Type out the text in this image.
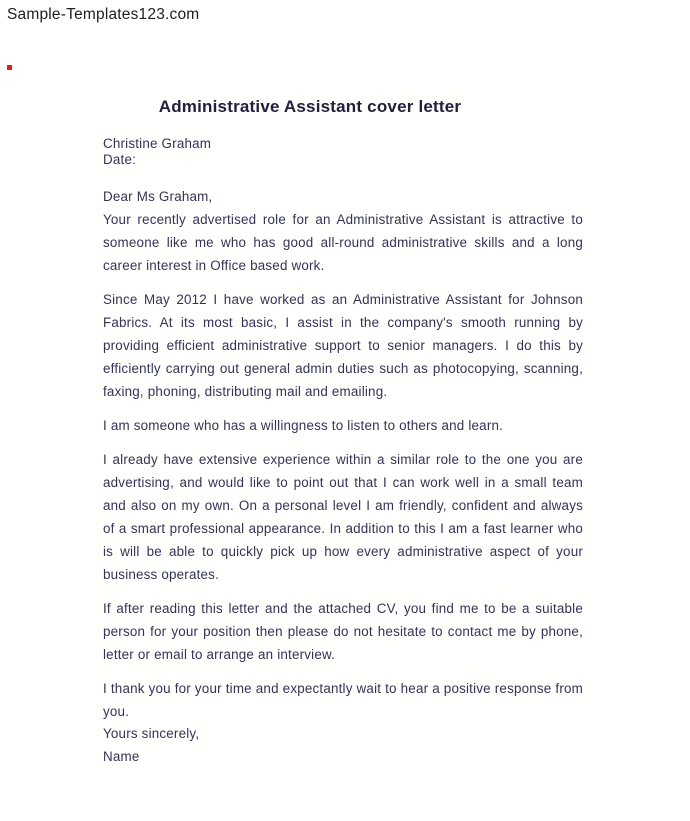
Sample-Templates123.com
Administrative Assistant cover letter
Christine Graham
Date:

Dear Ms Graham,

Your recently advertised role for an Administrative Assistant is attractive to someone like me who has good all-round administrative skills and a long career interest in Office based work.

Since May 2012 I have worked as an Administrative Assistant for Johnson Fabrics. At its most basic, I assist in the company's smooth running by providing efficient administrative support to senior managers. I do this by efficiently carrying out general admin duties such as photocopying, scanning, faxing, phoning, distributing mail and emailing.

I am someone who has a willingness to listen to others and learn.

I already have extensive experience within a similar role to the one you are advertising, and would like to point out that I can work well in a small team and also on my own. On a personal level I am friendly, confident and always of a smart professional appearance. In addition to this I am a fast learner who is will be able to quickly pick up how every administrative aspect of your business operates.

If after reading this letter and the attached CV, you find me to be a suitable person for your position then please do not hesitate to contact me by phone, letter or email to arrange an interview.

I thank you for your time and expectantly wait to hear a positive response from you.

Yours sincerely,
Name
